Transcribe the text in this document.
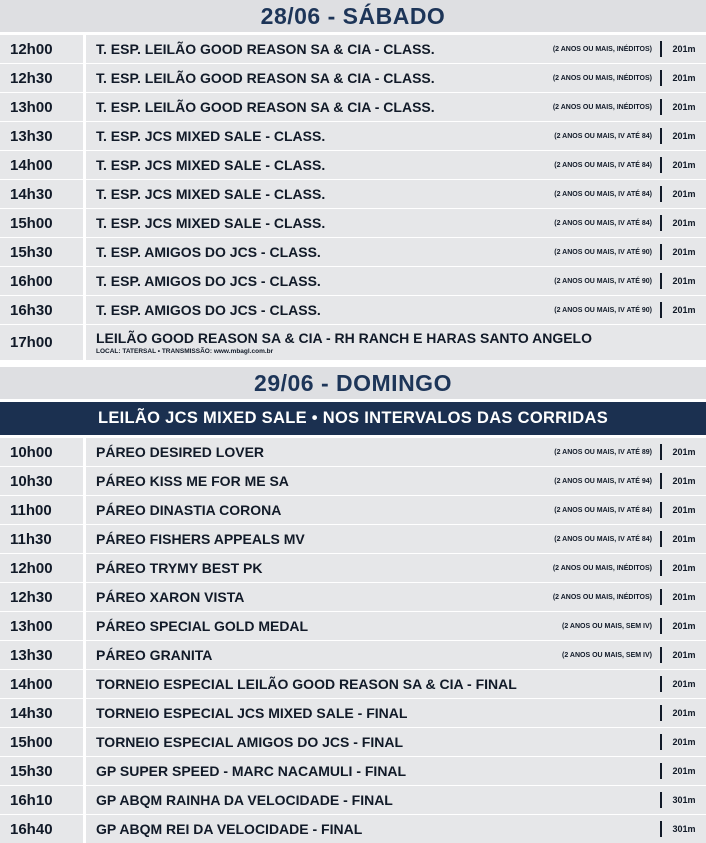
28/06 - SÁBADO
12h00	T. ESP. LEILÃO GOOD REASON SA & CIA - CLASS.	(2 ANOS OU MAIS, INÉDITOS)	201m
12h30	T. ESP. LEILÃO GOOD REASON SA & CIA - CLASS.	(2 ANOS OU MAIS, INÉDITOS)	201m
13h00	T. ESP. LEILÃO GOOD REASON SA & CIA - CLASS.	(2 ANOS OU MAIS, INÉDITOS)	201m
13h30	T. ESP. JCS MIXED SALE - CLASS.	(2 ANOS OU MAIS, IV ATÉ 84)	201m
14h00	T. ESP. JCS MIXED SALE - CLASS.	(2 ANOS OU MAIS, IV ATÉ 84)	201m
14h30	T. ESP. JCS MIXED SALE - CLASS.	(2 ANOS OU MAIS, IV ATÉ 84)	201m
15h00	T. ESP. JCS MIXED SALE - CLASS.	(2 ANOS OU MAIS, IV ATÉ 84)	201m
15h30	T. ESP. AMIGOS DO JCS - CLASS.	(2 ANOS OU MAIS, IV ATÉ 90)	201m
16h00	T. ESP. AMIGOS DO JCS - CLASS.	(2 ANOS OU MAIS, IV ATÉ 90)	201m
16h30	T. ESP. AMIGOS DO JCS - CLASS.	(2 ANOS OU MAIS, IV ATÉ 90)	201m
17h00	LEILÃO GOOD REASON SA & CIA - RH RANCH E HARAS SANTO ANGELO
LOCAL: TATERSAL • TRANSMISSÃO: www.mbagl.com.br
29/06 - DOMINGO
LEILÃO JCS MIXED SALE • NOS INTERVALOS DAS CORRIDAS
10h00	PÁREO DESIRED LOVER	(2 ANOS OU MAIS, IV ATÉ 89)	201m
10h30	PÁREO KISS ME FOR ME SA	(2 ANOS OU MAIS, IV ATÉ 94)	201m
11h00	PÁREO DINASTIA CORONA	(2 ANOS OU MAIS, IV ATÉ 84)	201m
11h30	PÁREO FISHERS APPEALS MV	(2 ANOS OU MAIS, IV ATÉ 84)	201m
12h00	PÁREO TRYMY BEST PK	(2 ANOS OU MAIS, INÉDITOS)	201m
12h30	PÁREO XARON VISTA	(2 ANOS OU MAIS, INÉDITOS)	201m
13h00	PÁREO SPECIAL GOLD MEDAL	(2 ANOS OU MAIS, SEM IV)	201m
13h30	PÁREO GRANITA	(2 ANOS OU MAIS, SEM IV)	201m
14h00	TORNEIO ESPECIAL LEILÃO GOOD REASON SA & CIA - FINAL	201m
14h30	TORNEIO ESPECIAL JCS MIXED SALE - FINAL	201m
15h00	TORNEIO ESPECIAL AMIGOS DO JCS - FINAL	201m
15h30	GP SUPER SPEED - MARC NACAMULI - FINAL	201m
16h10	GP ABQM RAINHA DA VELOCIDADE - FINAL	301m
16h40	GP ABQM REI DA VELOCIDADE - FINAL	301m
